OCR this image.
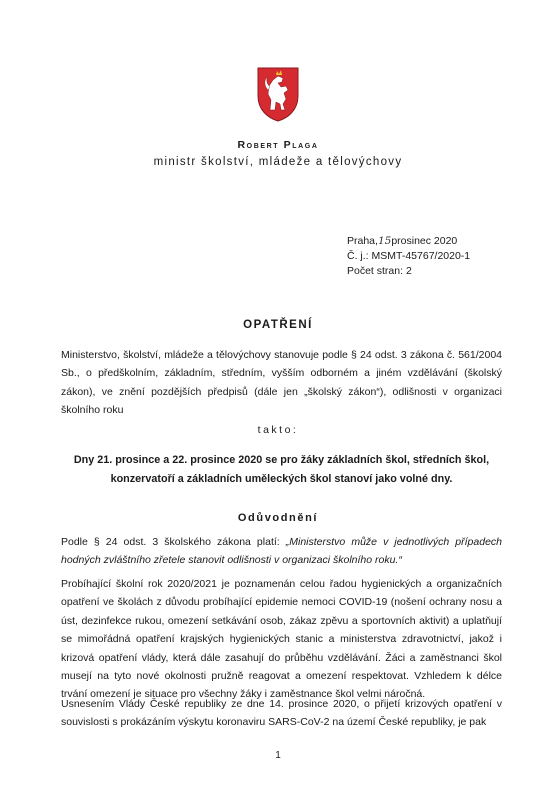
Robert Plaga
ministr školství, mládeže a tělovýchovy
Praha,15prosinec 2020
Č. j.: MSMT-45767/2020-1
Počet stran: 2
OPATŘENÍ
Ministerstvo, školství, mládeže a tělovýchovy stanovuje podle § 24 odst. 3 zákona č. 561/2004 Sb., o předškolním, základním, středním, vyšším odborném a jiném vzdělávání (školský zákon), ve znění pozdějších předpisů (dále jen „školský zákon“), odlišnosti v organizaci školního roku
takto:
Dny 21. prosince a 22. prosince 2020 se pro žáky základních škol, středních škol, konzervatoří a základních uměleckých škol stanoví jako volné dny.
Odůvodnění
Podle § 24 odst. 3 školského zákona platí: „Ministerstvo může v jednotlivých případech hodných zvláštního zřetele stanovit odlišnosti v organizaci školního roku.“
Probíhající školní rok 2020/2021 je poznamenán celou řadou hygienických a organizačních opatření ve školách z důvodu probíhající epidemie nemoci COVID-19 (nošení ochrany nosu a úst, dezinfekce rukou, omezení setkávání osob, zákaz zpěvu a sportovních aktivit) a uplatňují se mimořádná opatření krajských hygienických stanic a ministerstva zdravotnictví, jakož i krizová opatření vlády, která dále zasahují do průběhu vzdělávání. Žáci a zaměstnanci škol musejí na tyto nové okolnosti pružně reagovat a omezení respektovat. Vzhledem k délce trvání omezení je situace pro všechny žáky i zaměstnance škol velmi náročná.
Usnesením Vlády České republiky ze dne 14. prosince 2020, o přijetí krizových opatření v souvislosti s prokázáním výskytu koronaviru SARS-CoV-2 na území České republiky, je pak
1
